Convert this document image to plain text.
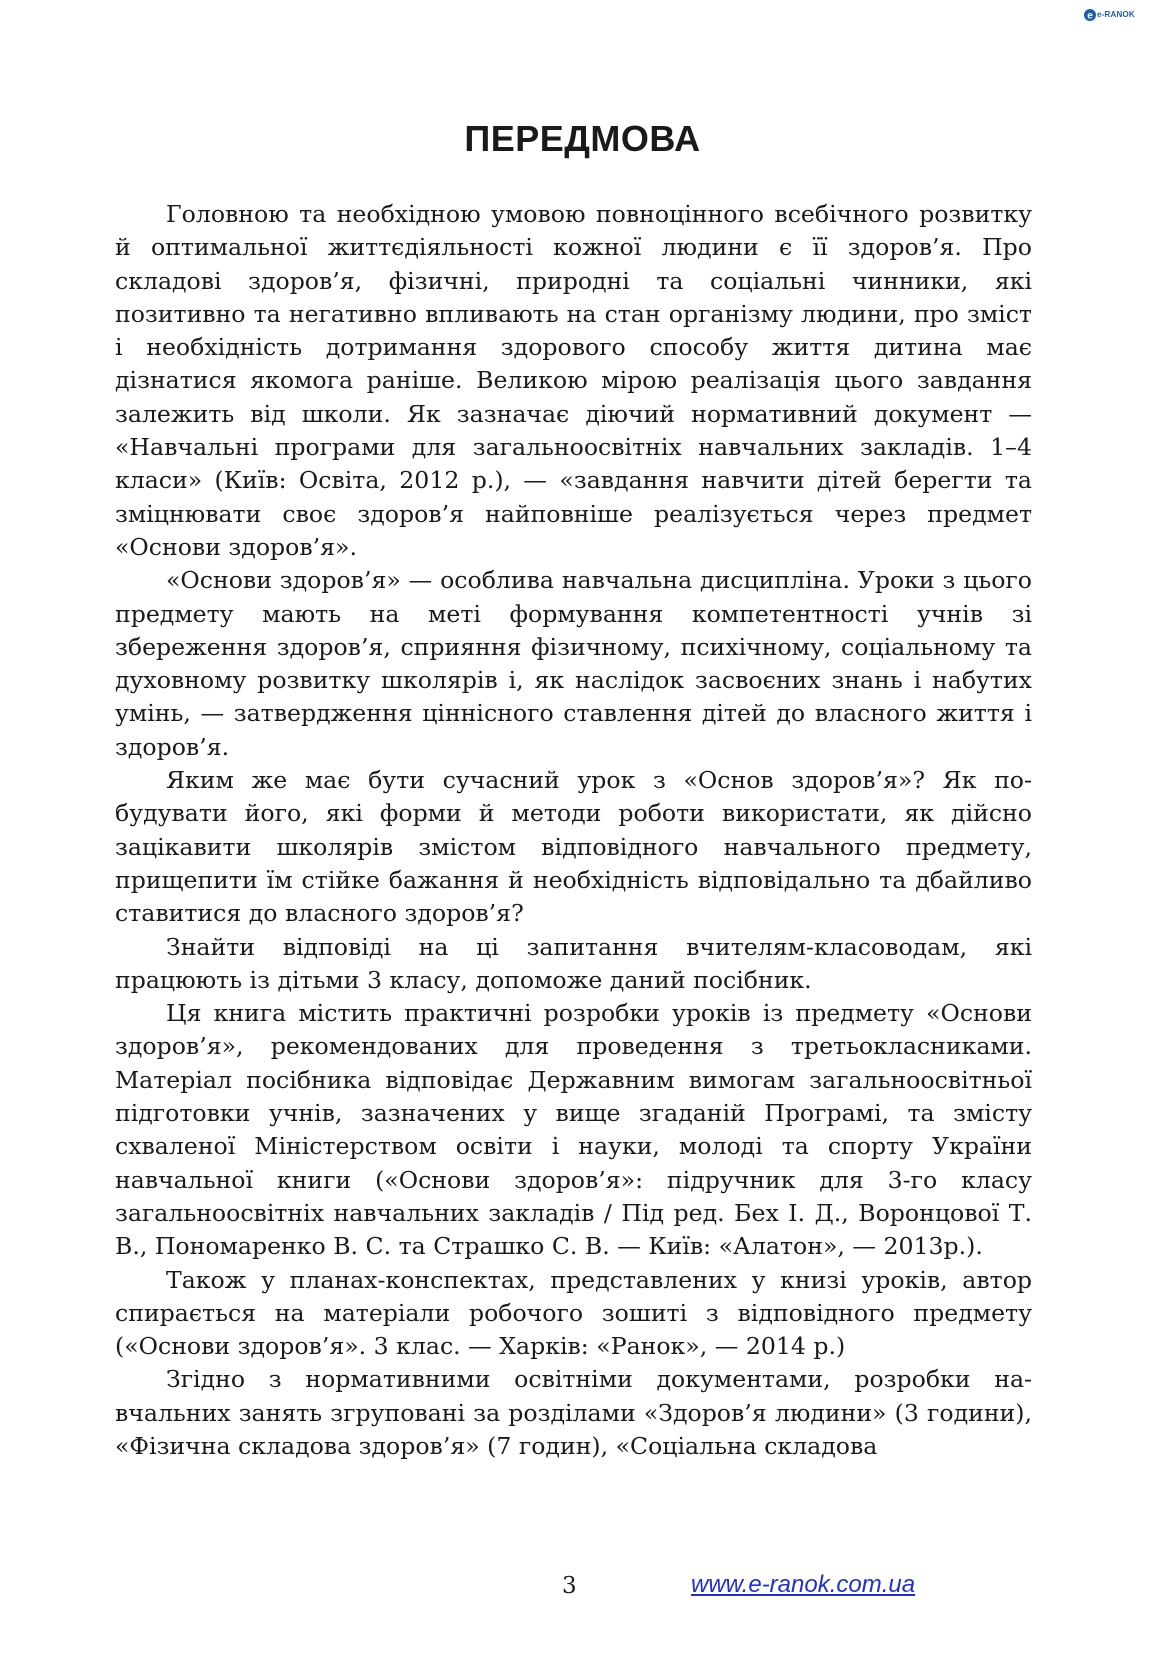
e e-RANOK
ПЕРЕДМОВА

Головною та необхідною умовою повноцінного всебічного розвитку й оптимальної життєдіяльності кожної людини є її здоров’я. Про складові здоров’я, фізичні, природні та соціальні чинники, які позитивно та негативно впливають на стан організму людини, про зміст і необхідність дотримання здорового способу життя дитина має дізнатися якомога раніше. Великою мірою реалізація цього завдання залежить від школи. Як зазначає діючий нормативний документ — «Навчальні програми для загальноосвітніх навчальних закладів. 1–4 класи» (Київ: Освіта, 2012 р.), — «завдання навчити дітей берегти та зміцнювати своє здоров’я найповніше реалізується через предмет «Основи здоров’я».

«Основи здоров’я» — особлива навчальна дисципліна. Уроки з цього предмету мають на меті формування компетентності учнів зі збереження здоров’я, сприяння фізичному, психічному, соціальному та духовному розвитку школярів і, як наслідок засвоєних знань і набутих умінь, — затвердження ціннісного ставлення дітей до власного життя і здоров’я.

Яким же має бути сучасний урок з «Основ здоров’я»? Як побудувати його, які форми й методи роботи використати, як дійсно зацікавити школярів змістом відповідного навчального предмету, прищепити їм стійке бажання й необхідність відповідально та дбайливо ставитися до власного здоров’я?

Знайти відповіді на ці запитання вчителям-класоводам, які працюють із дітьми 3 класу, допоможе даний посібник.

Ця книга містить практичні розробки уроків із предмету «Основи здоров’я», рекомендованих для проведення з третьокласниками. Матеріал посібника відповідає Державним вимогам загальноосвітньої підготовки учнів, зазначених у вище згаданій Програмі, та змісту схваленої Міністерством освіти і науки, молоді та спорту України навчальної книги («Основи здоров’я»: підручник для 3-го класу загальноосвітніх навчальних закладів / Під ред. Бех І. Д., Воронцової Т. В., Пономаренко В. С. та Страшко С. В. — Київ: «Алатон», — 2013р.).

Також у планах-конспектах, представлених у книзі уроків, автор спирається на матеріали робочого зошиті з відповідного предмету («Основи здоров’я». 3 клас. — Харків: «Ранок», — 2014 р.)

Згідно з нормативними освітніми документами, розробки навчальних занять згруповані за розділами «Здоров’я людини» (3 години), «Фізична складова здоров’я» (7 годин), «Соціальна складова

3	www.e-ranok.com.ua
